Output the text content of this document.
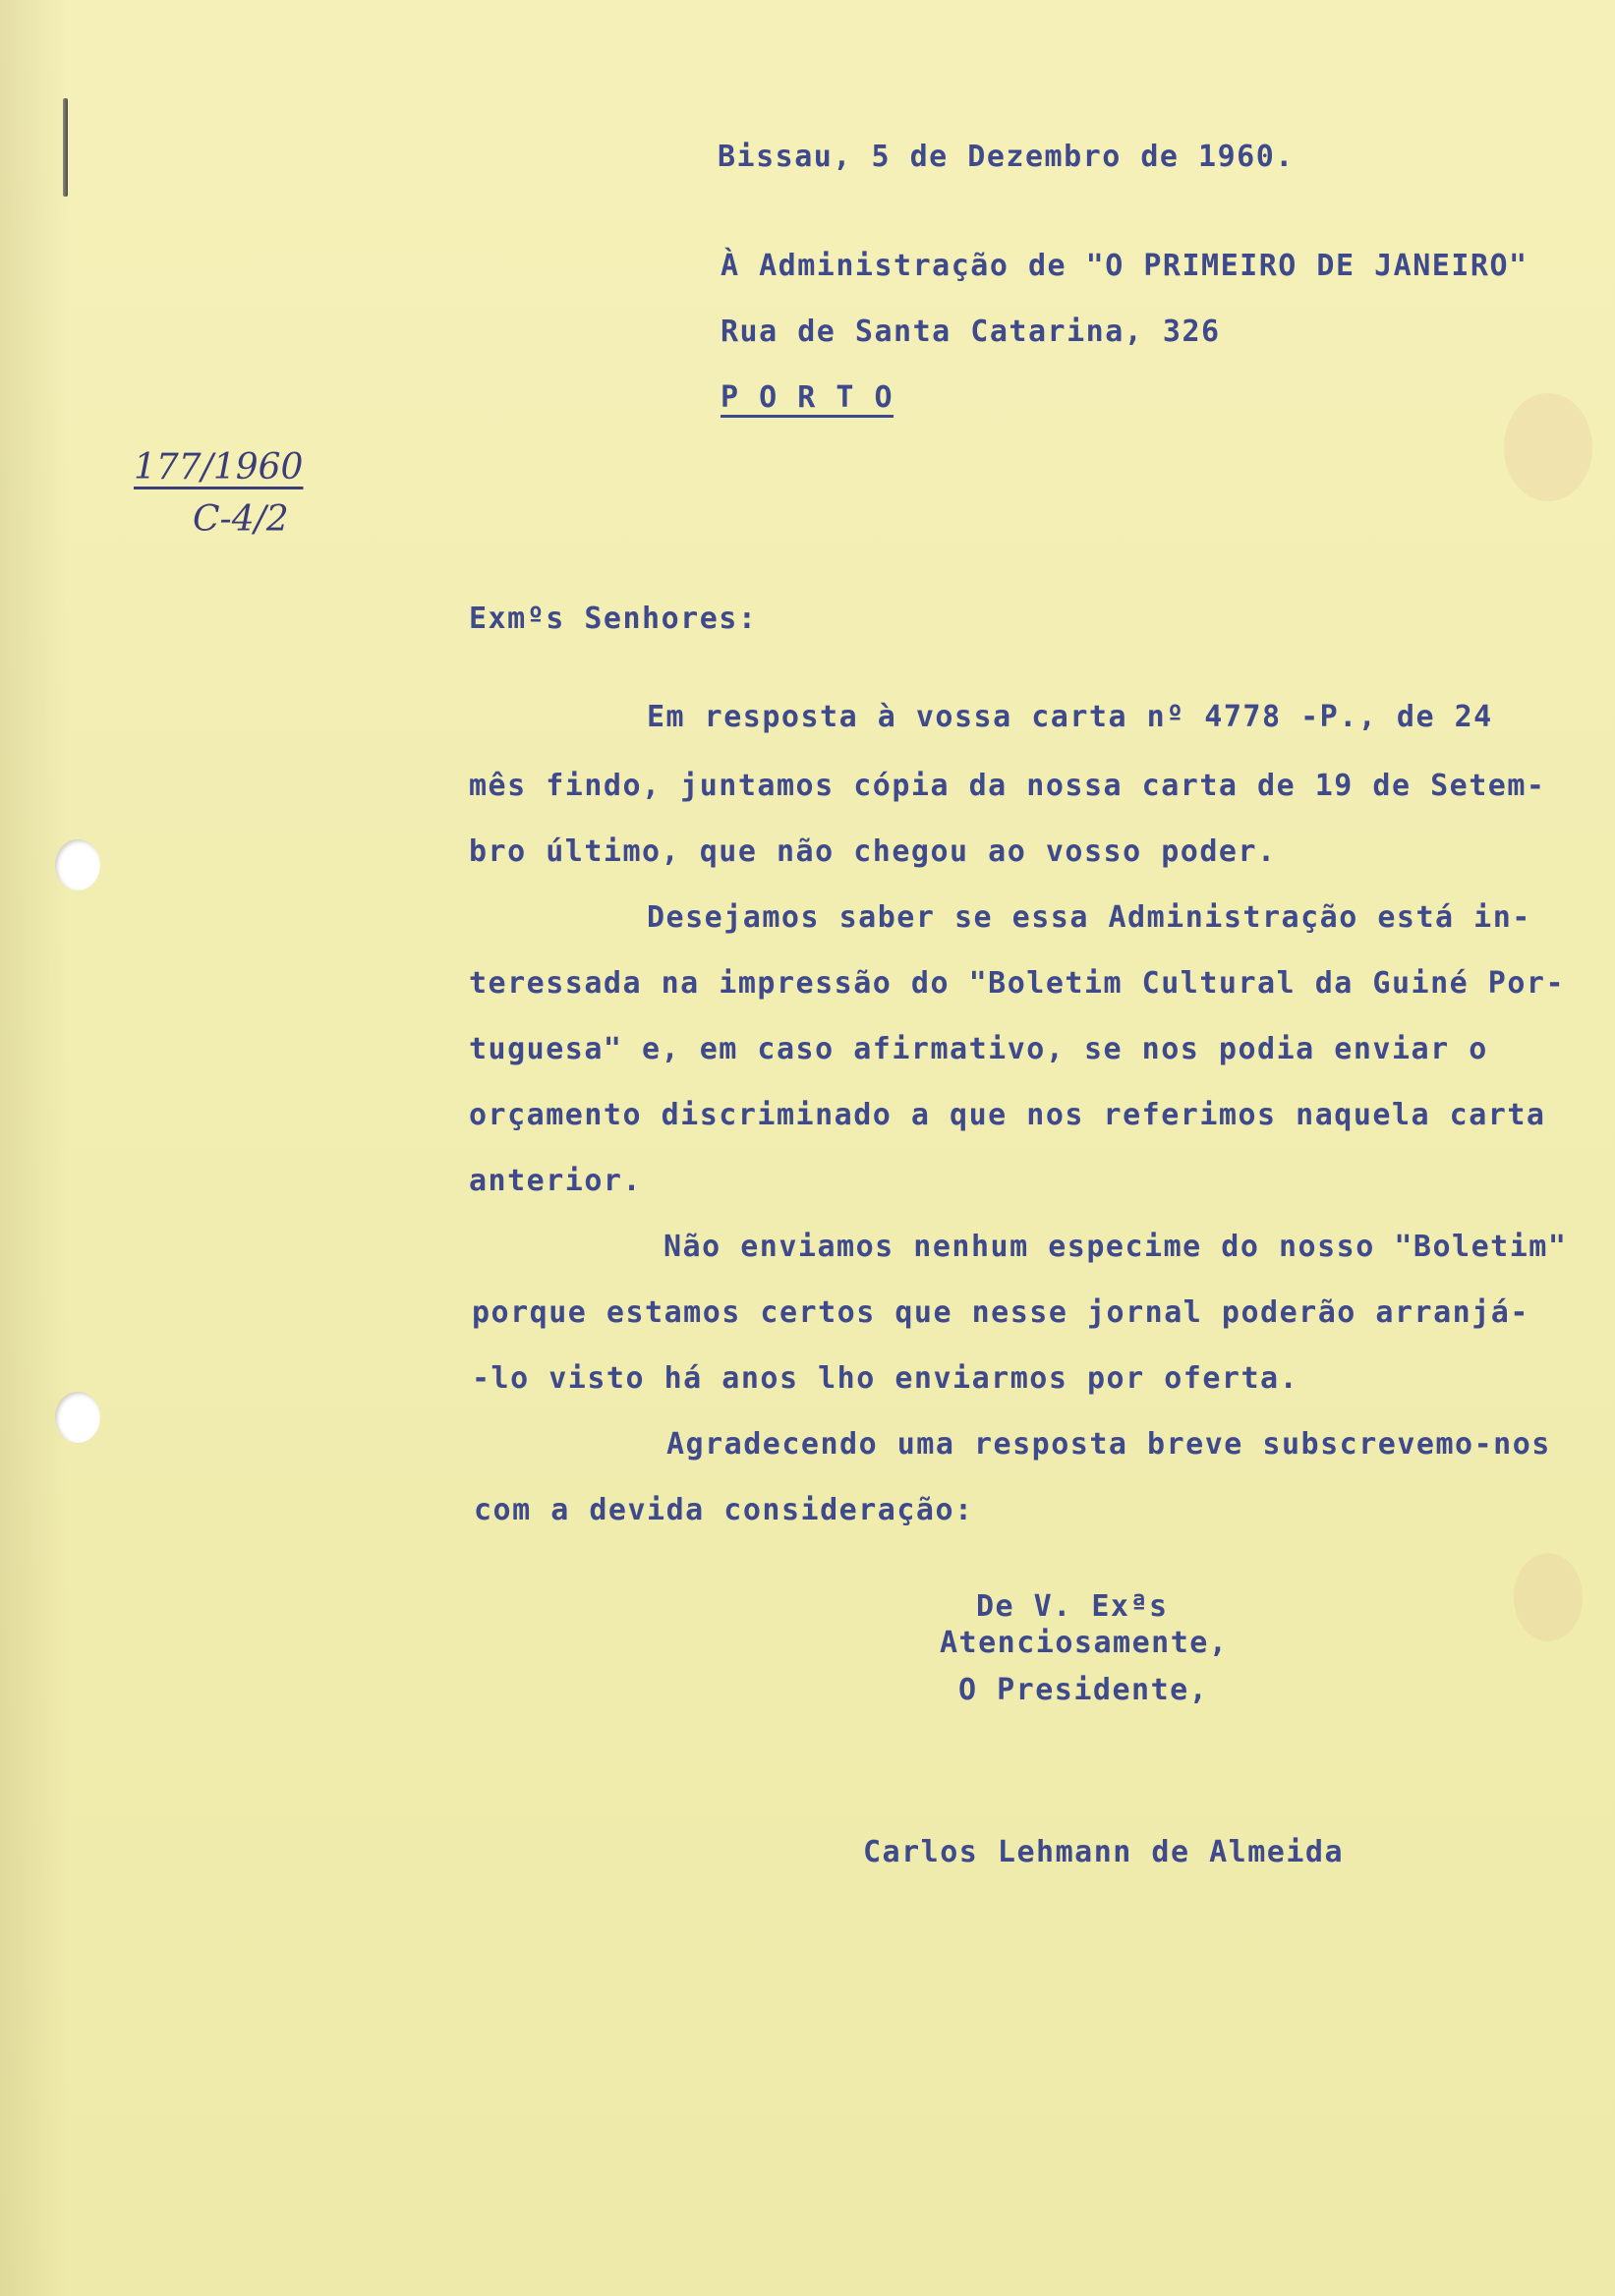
Bissau, 5 de Dezembro de 1960.

À Administração de "O PRIMEIRO DE JANEIRO"

Rua de Santa Catarina, 326

P O R T O

177/1960
C-4/2

Exmºs Senhores:

Em resposta à vossa carta nº 4778 -P., de 24

mês findo, juntamos cópia da nossa carta de 19 de Setem-

bro último, que não chegou ao vosso poder.

Desejamos saber se essa Administração está in-

teressada na impressão do "Boletim Cultural da Guiné Por-

tuguesa" e, em caso afirmativo, se nos podia enviar o

orçamento discriminado a que nos referimos naquela carta

anterior.

Não enviamos nenhum especime do nosso "Boletim"

porque estamos certos que nesse jornal poderão arranjá-

-lo visto há anos lho enviarmos por oferta.

Agradecendo uma resposta breve subscrevemo-nos

com a devida consideração:

De V. Exªs

Atenciosamente,

O Presidente,

Carlos Lehmann de Almeida
